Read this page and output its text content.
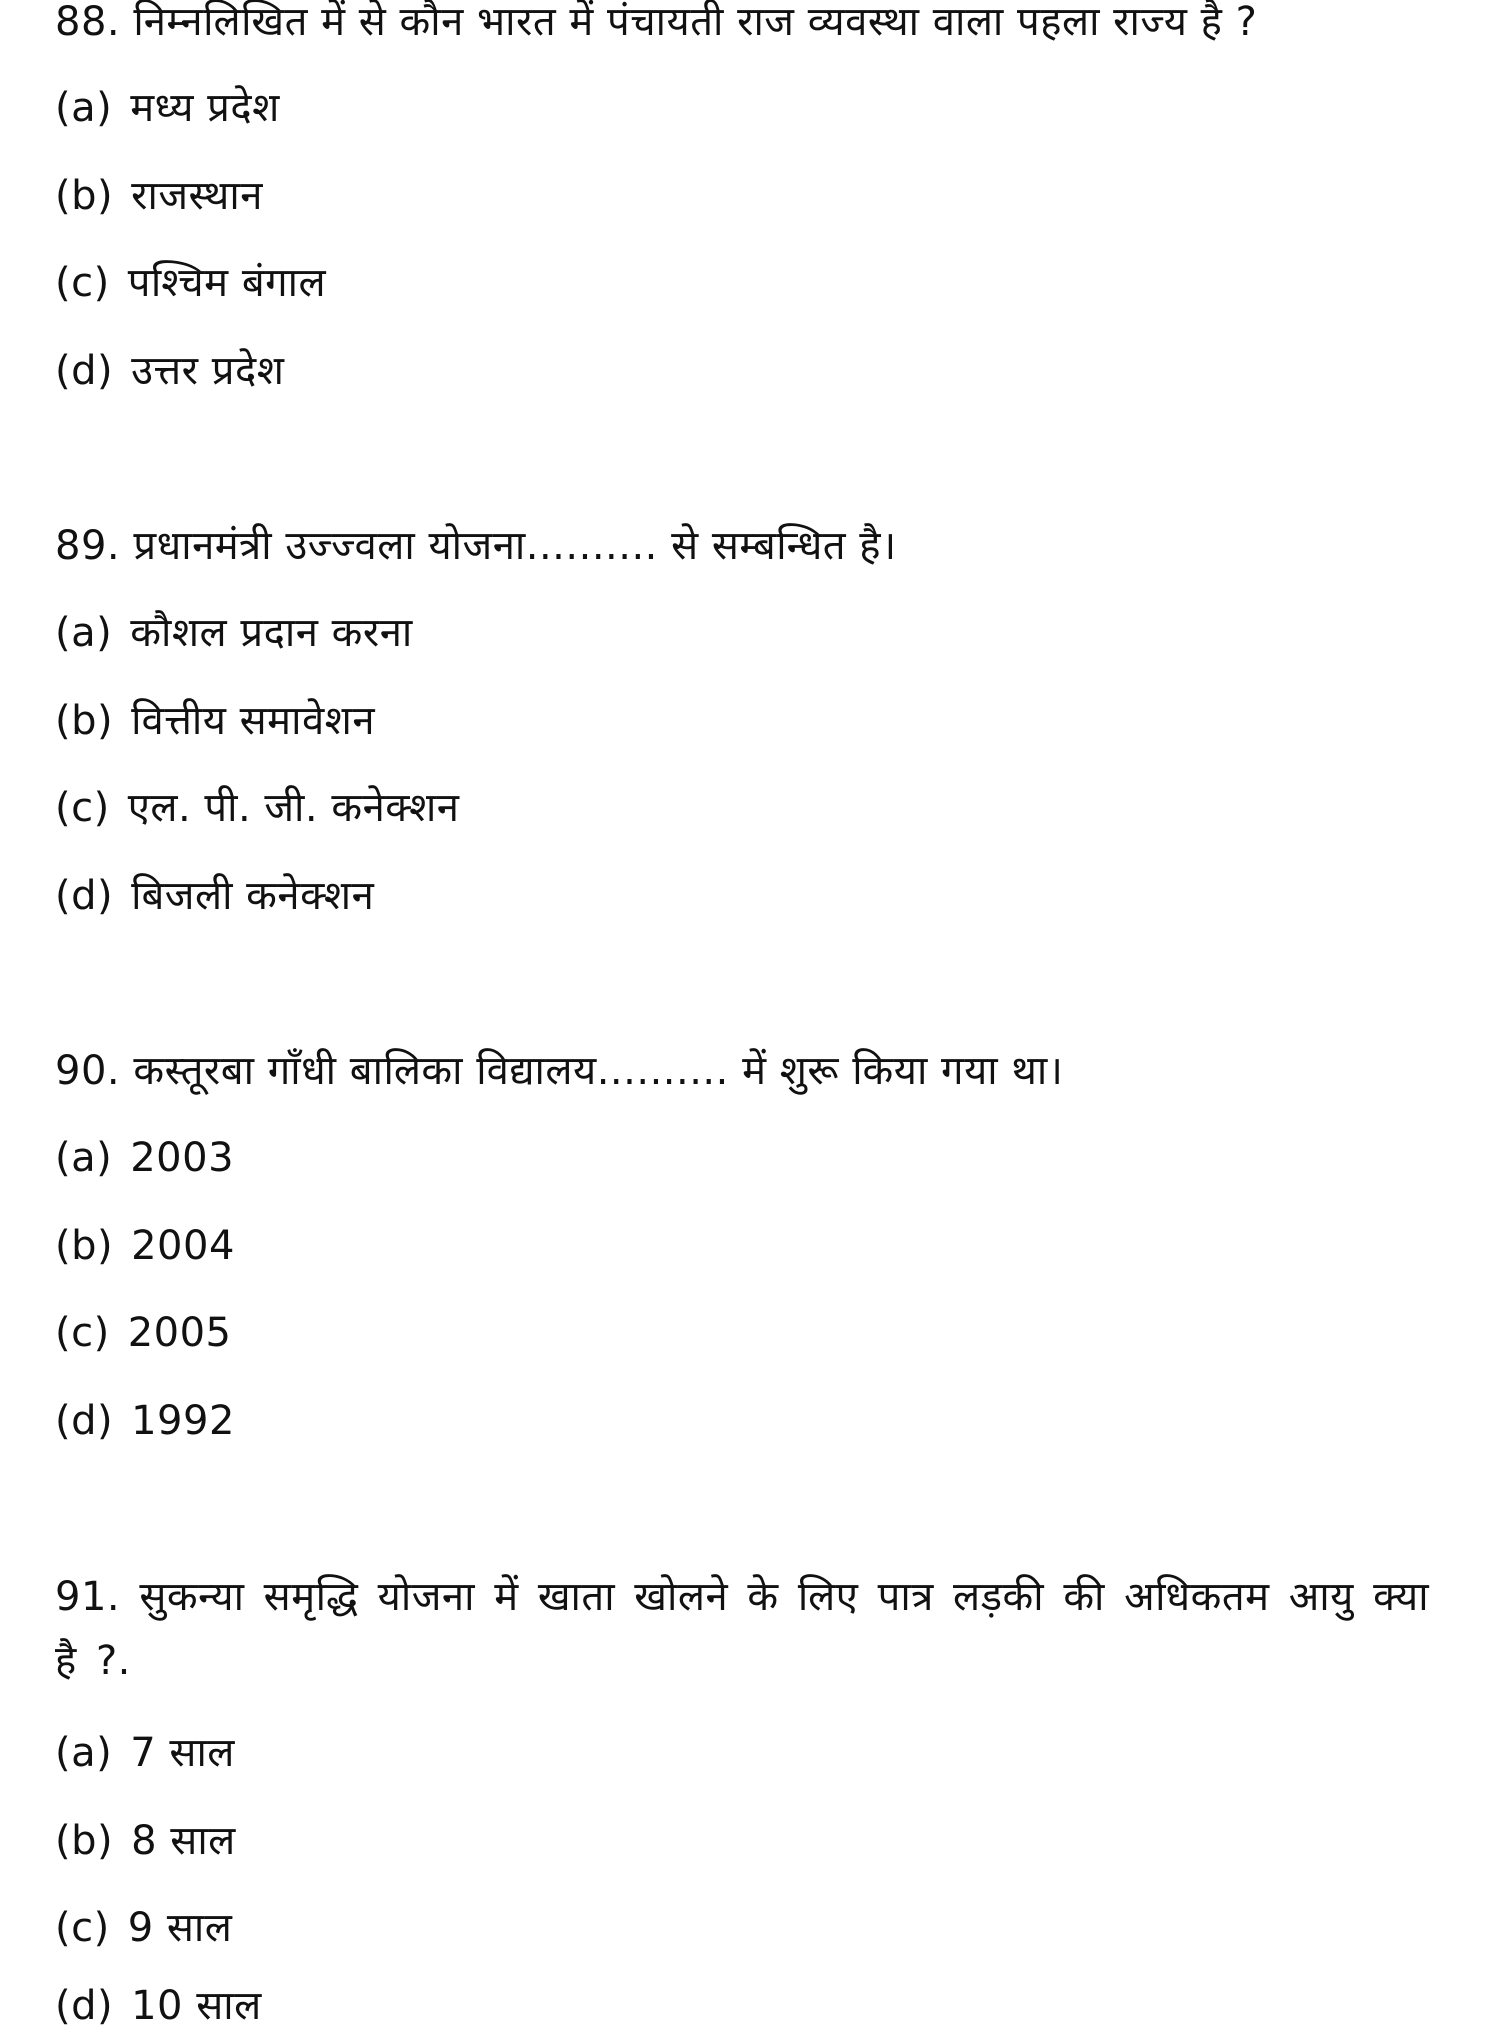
88. निम्नलिखित में से कौन भारत में पंचायती राज व्यवस्था वाला पहला राज्य है ?
(a) मध्य प्रदेश
(b) राजस्थान
(c) पश्चिम बंगाल
(d) उत्तर प्रदेश
89. प्रधानमंत्री उज्ज्वला योजना.......... से सम्बन्धित है।
(a) कौशल प्रदान करना
(b) वित्तीय समावेशन
(c) एल. पी. जी. कनेक्शन
(d) बिजली कनेक्शन
90. कस्तूरबा गाँधी बालिका विद्यालय.......... में शुरू किया गया था।
(a) 2003
(b) 2004
(c) 2005
(d) 1992
91. सुकन्या समृद्धि योजना में खाता खोलने के लिए पात्र लड़की की अधिकतम आयु क्या है ?.
(a) 7 साल
(b) 8 साल
(c) 9 साल
(d) 10 साल
